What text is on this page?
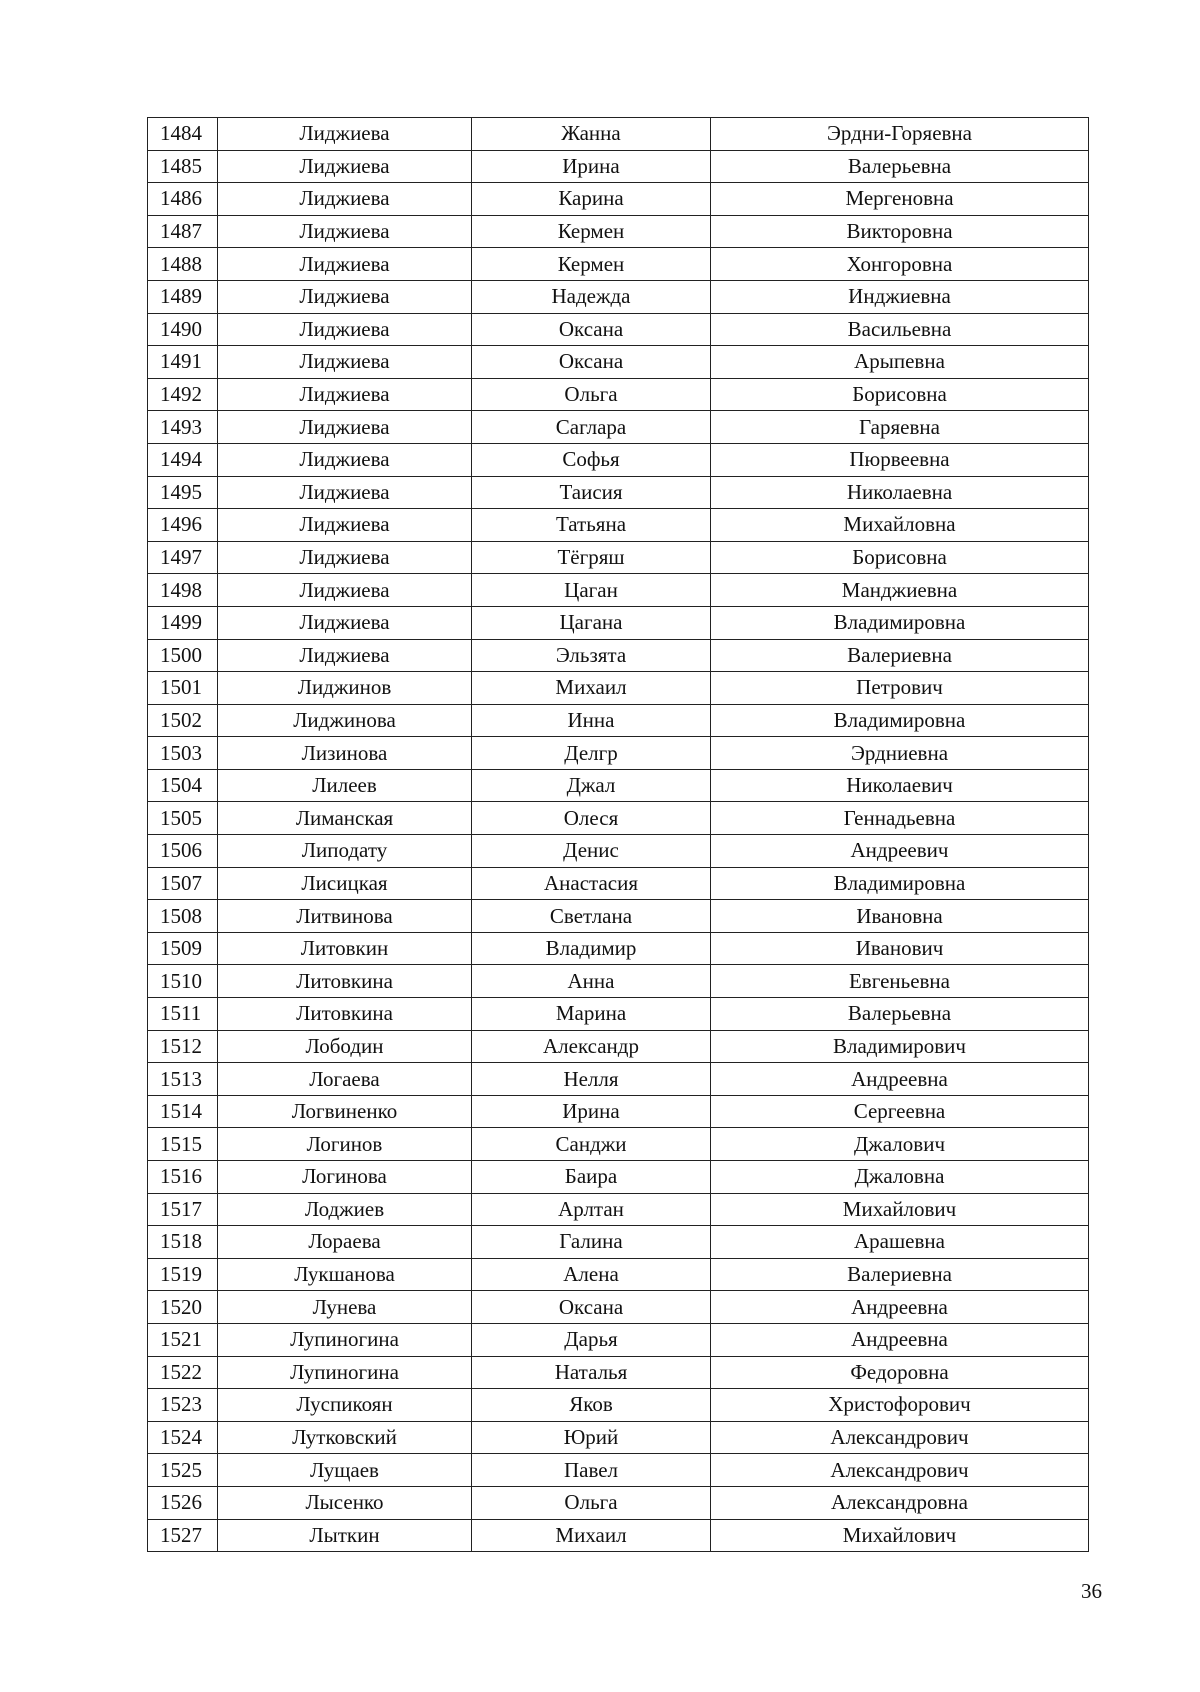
1484	Лиджиева	Жанна	Эрдни-Горяевна
1485	Лиджиева	Ирина	Валерьевна
1486	Лиджиева	Карина	Мергеновна
1487	Лиджиева	Кермен	Викторовна
1488	Лиджиева	Кермен	Хонгоровна
1489	Лиджиева	Надежда	Инджиевна
1490	Лиджиева	Оксана	Васильевна
1491	Лиджиева	Оксана	Арыпевна
1492	Лиджиева	Ольга	Борисовна
1493	Лиджиева	Саглара	Гаряевна
1494	Лиджиева	Софья	Пюрвеевна
1495	Лиджиева	Таисия	Николаевна
1496	Лиджиева	Татьяна	Михайловна
1497	Лиджиева	Тёгряш	Борисовна
1498	Лиджиева	Цаган	Манджиевна
1499	Лиджиева	Цагана	Владимировна
1500	Лиджиева	Эльзята	Валериевна
1501	Лиджинов	Михаил	Петрович
1502	Лиджинова	Инна	Владимировна
1503	Лизинова	Делгр	Эрдниевна
1504	Лилеев	Джал	Николаевич
1505	Лиманская	Олеся	Геннадьевна
1506	Липодату	Денис	Андреевич
1507	Лисицкая	Анастасия	Владимировна
1508	Литвинова	Светлана	Ивановна
1509	Литовкин	Владимир	Иванович
1510	Литовкина	Анна	Евгеньевна
1511	Литовкина	Марина	Валерьевна
1512	Лободин	Александр	Владимирович
1513	Логаева	Нелля	Андреевна
1514	Логвиненко	Ирина	Сергеевна
1515	Логинов	Санджи	Джалович
1516	Логинова	Баира	Джаловна
1517	Лоджиев	Арлтан	Михайлович
1518	Лораева	Галина	Арашевна
1519	Лукшанова	Алена	Валериевна
1520	Лунева	Оксана	Андреевна
1521	Лупиногина	Дарья	Андреевна
1522	Лупиногина	Наталья	Федоровна
1523	Луспикоян	Яков	Христофорович
1524	Лутковский	Юрий	Александрович
1525	Лущаев	Павел	Александрович
1526	Лысенко	Ольга	Александровна
1527	Лыткин	Михаил	Михайлович
36
